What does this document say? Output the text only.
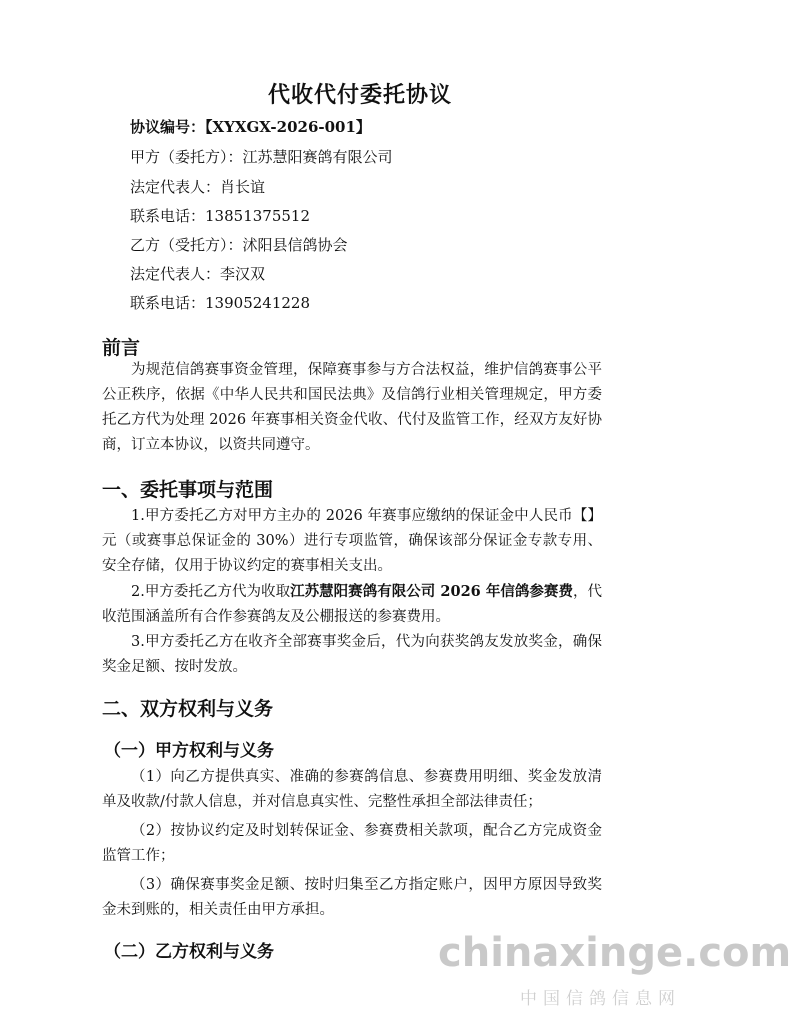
代收代付委托协议
协议编号：【XYXGX-2026-001】
甲方（委托方）：江苏慧阳赛鸽有限公司
法定代表人：肖长谊
联系电话：13851375512
乙方（受托方）：沭阳县信鸽协会
法定代表人：李汉双
联系电话：13905241228
前言
为规范信鸽赛事资金管理，保障赛事参与方合法权益，维护信鸽赛事公平公正秩序，依据《中华人民共和国民法典》及信鸽行业相关管理规定，甲方委托乙方代为处理 2026 年赛事相关资金代收、代付及监管工作，经双方友好协商，订立本协议，以资共同遵守。
一、委托事项与范围
1.甲方委托乙方对甲方主办的 2026 年赛事应缴纳的保证金中人民币【】元（或赛事总保证金的 30%）进行专项监管，确保该部分保证金专款专用、安全存储，仅用于协议约定的赛事相关支出。
2.甲方委托乙方代为收取江苏慧阳赛鸽有限公司 2026 年信鸽参赛费，代收范围涵盖所有合作参赛鸽友及公棚报送的参赛费用。
3.甲方委托乙方在收齐全部赛事奖金后，代为向获奖鸽友发放奖金，确保奖金足额、按时发放。
二、双方权利与义务
（一）甲方权利与义务
（1）向乙方提供真实、准确的参赛鸽信息、参赛费用明细、奖金发放清单及收款/付款人信息，并对信息真实性、完整性承担全部法律责任；
（2）按协议约定及时划转保证金、参赛费相关款项，配合乙方完成资金监管工作；
（3）确保赛事奖金足额、按时归集至乙方指定账户，因甲方原因导致奖金未到账的，相关责任由甲方承担。
（二）乙方权利与义务	chinaxinge.com
中国信鸽信息网
